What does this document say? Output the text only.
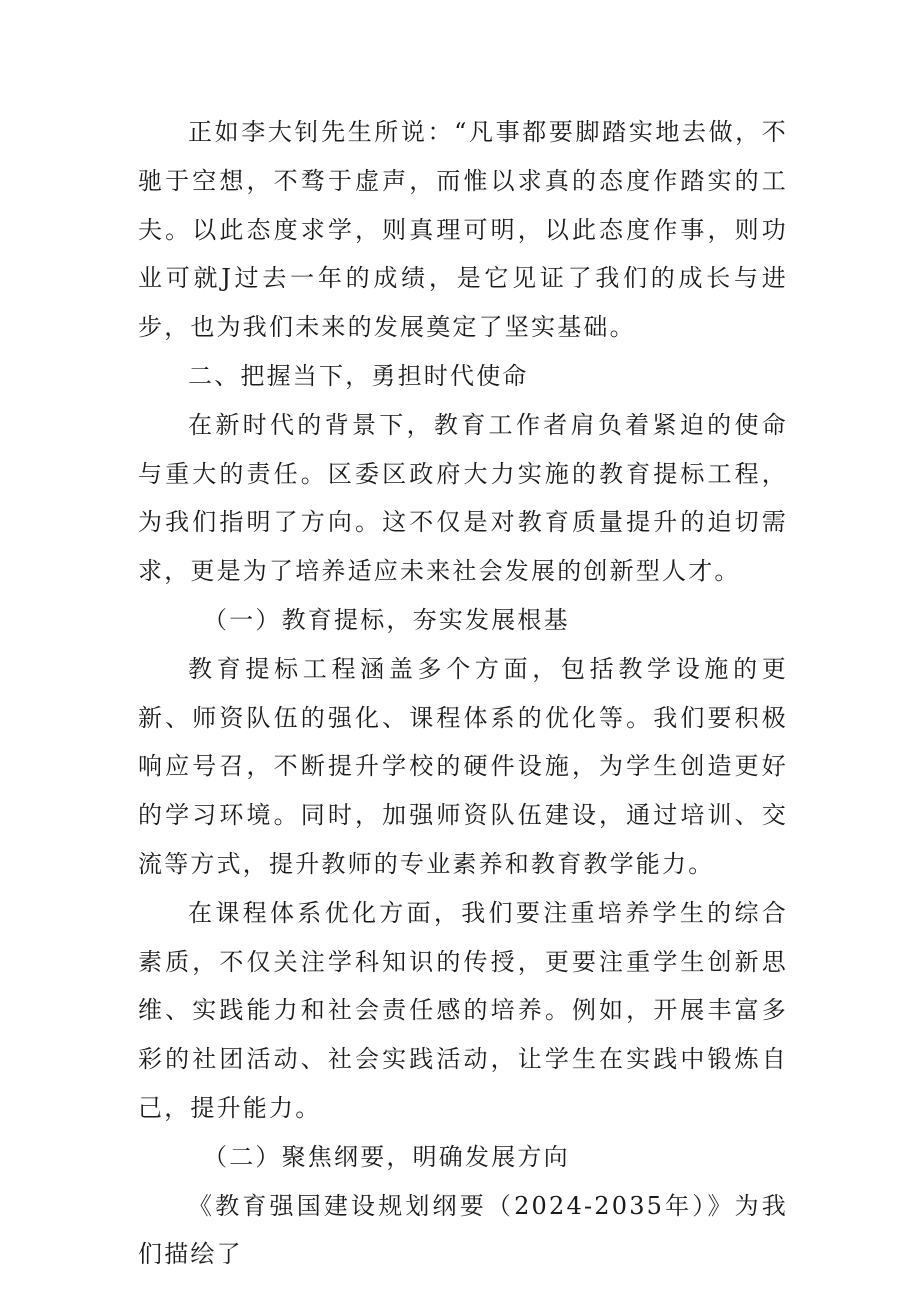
正如李大钊先生所说：“凡事都要脚踏实地去做，不驰于空想，不骛于虚声，而惟以求真的态度作踏实的工夫。以此态度求学，则真理可明，以此态度作事，则功业可就J过去一年的成绩，是它见证了我们的成长与进步，也为我们未来的发展奠定了坚实基础。

二、把握当下，勇担时代使命

在新时代的背景下，教育工作者肩负着紧迫的使命与重大的责任。区委区政府大力实施的教育提标工程，为我们指明了方向。这不仅是对教育质量提升的迫切需求，更是为了培养适应未来社会发展的创新型人才。

（一）教育提标，夯实发展根基

教育提标工程涵盖多个方面，包括教学设施的更新、师资队伍的强化、课程体系的优化等。我们要积极响应号召，不断提升学校的硬件设施，为学生创造更好的学习环境。同时，加强师资队伍建设，通过培训、交流等方式，提升教师的专业素养和教育教学能力。

在课程体系优化方面，我们要注重培养学生的综合素质，不仅关注学科知识的传授，更要注重学生创新思维、实践能力和社会责任感的培养。例如，开展丰富多彩的社团活动、社会实践活动，让学生在实践中锻炼自己，提升能力。

（二）聚焦纲要，明确发展方向

《教育强国建设规划纲要（2024-2035年）》为我们描绘了
